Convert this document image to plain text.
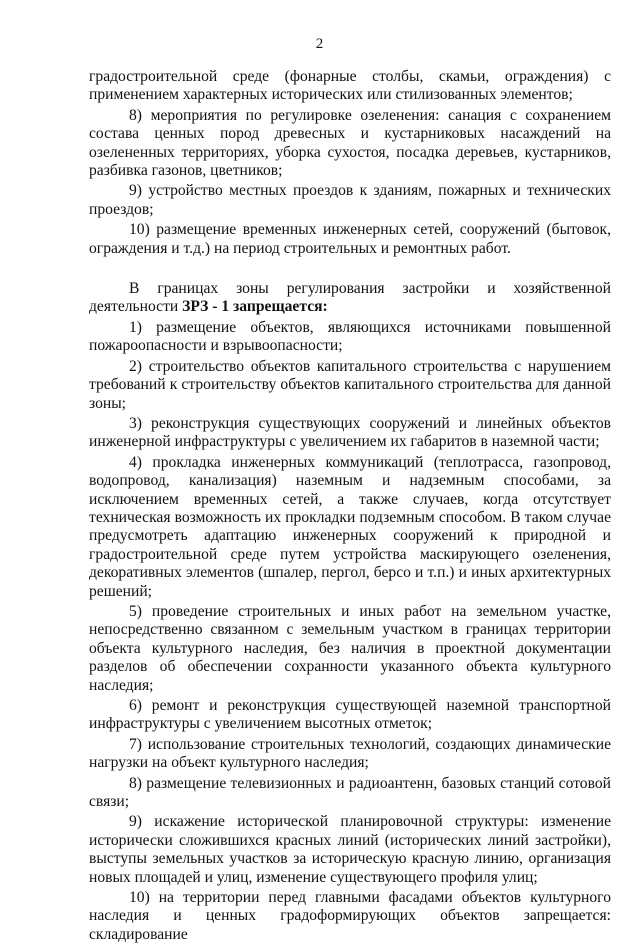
2

градостроительной среде (фонарные столбы, скамьи, ограждения) с применением характерных исторических или стилизованных элементов;

8) мероприятия по регулировке озеленения: санация с сохранением состава ценных пород древесных и кустарниковых насаждений на озелененных территориях, уборка сухостоя, посадка деревьев, кустарников, разбивка газонов, цветников;

9) устройство местных проездов к зданиям, пожарных и технических проездов;

10) размещение временных инженерных сетей, сооружений (бытовок, ограждения и т.д.) на период строительных и ремонтных работ.

В границах зоны регулирования застройки и хозяйственной деятельности ЗРЗ - 1 запрещается:

1) размещение объектов, являющихся источниками повышенной пожароопасности и взрывоопасности;

2) строительство объектов капитального строительства с нарушением требований к строительству объектов капитального строительства для данной зоны;

3) реконструкция существующих сооружений и линейных объектов инженерной инфраструктуры с увеличением их габаритов в наземной части;

4) прокладка инженерных коммуникаций (теплотрасса, газопровод, водопровод, канализация) наземным и надземным способами, за исключением временных сетей, а также случаев, когда отсутствует техническая возможность их прокладки подземным способом. В таком случае предусмотреть адаптацию инженерных сооружений к природной и градостроительной среде путем устройства маскирующего озеленения, декоративных элементов (шпалер, пергол, берсо и т.п.) и иных архитектурных решений;

5) проведение строительных и иных работ на земельном участке, непосредственно связанном с земельным участком в границах территории объекта культурного наследия, без наличия в проектной документации разделов об обеспечении сохранности указанного объекта культурного наследия;

6) ремонт и реконструкция существующей наземной транспортной инфраструктуры с увеличением высотных отметок;

7) использование строительных технологий, создающих динамические нагрузки на объект культурного наследия;

8) размещение телевизионных и радиоантенн, базовых станций сотовой связи;

9) искажение исторической планировочной структуры: изменение исторически сложившихся красных линий (исторических линий застройки), выступы земельных участков за историческую красную линию, организация новых площадей и улиц, изменение существующего профиля улиц;

10) на территории перед главными фасадами объектов культурного наследия и ценных градоформирующих объектов запрещается: складирование
